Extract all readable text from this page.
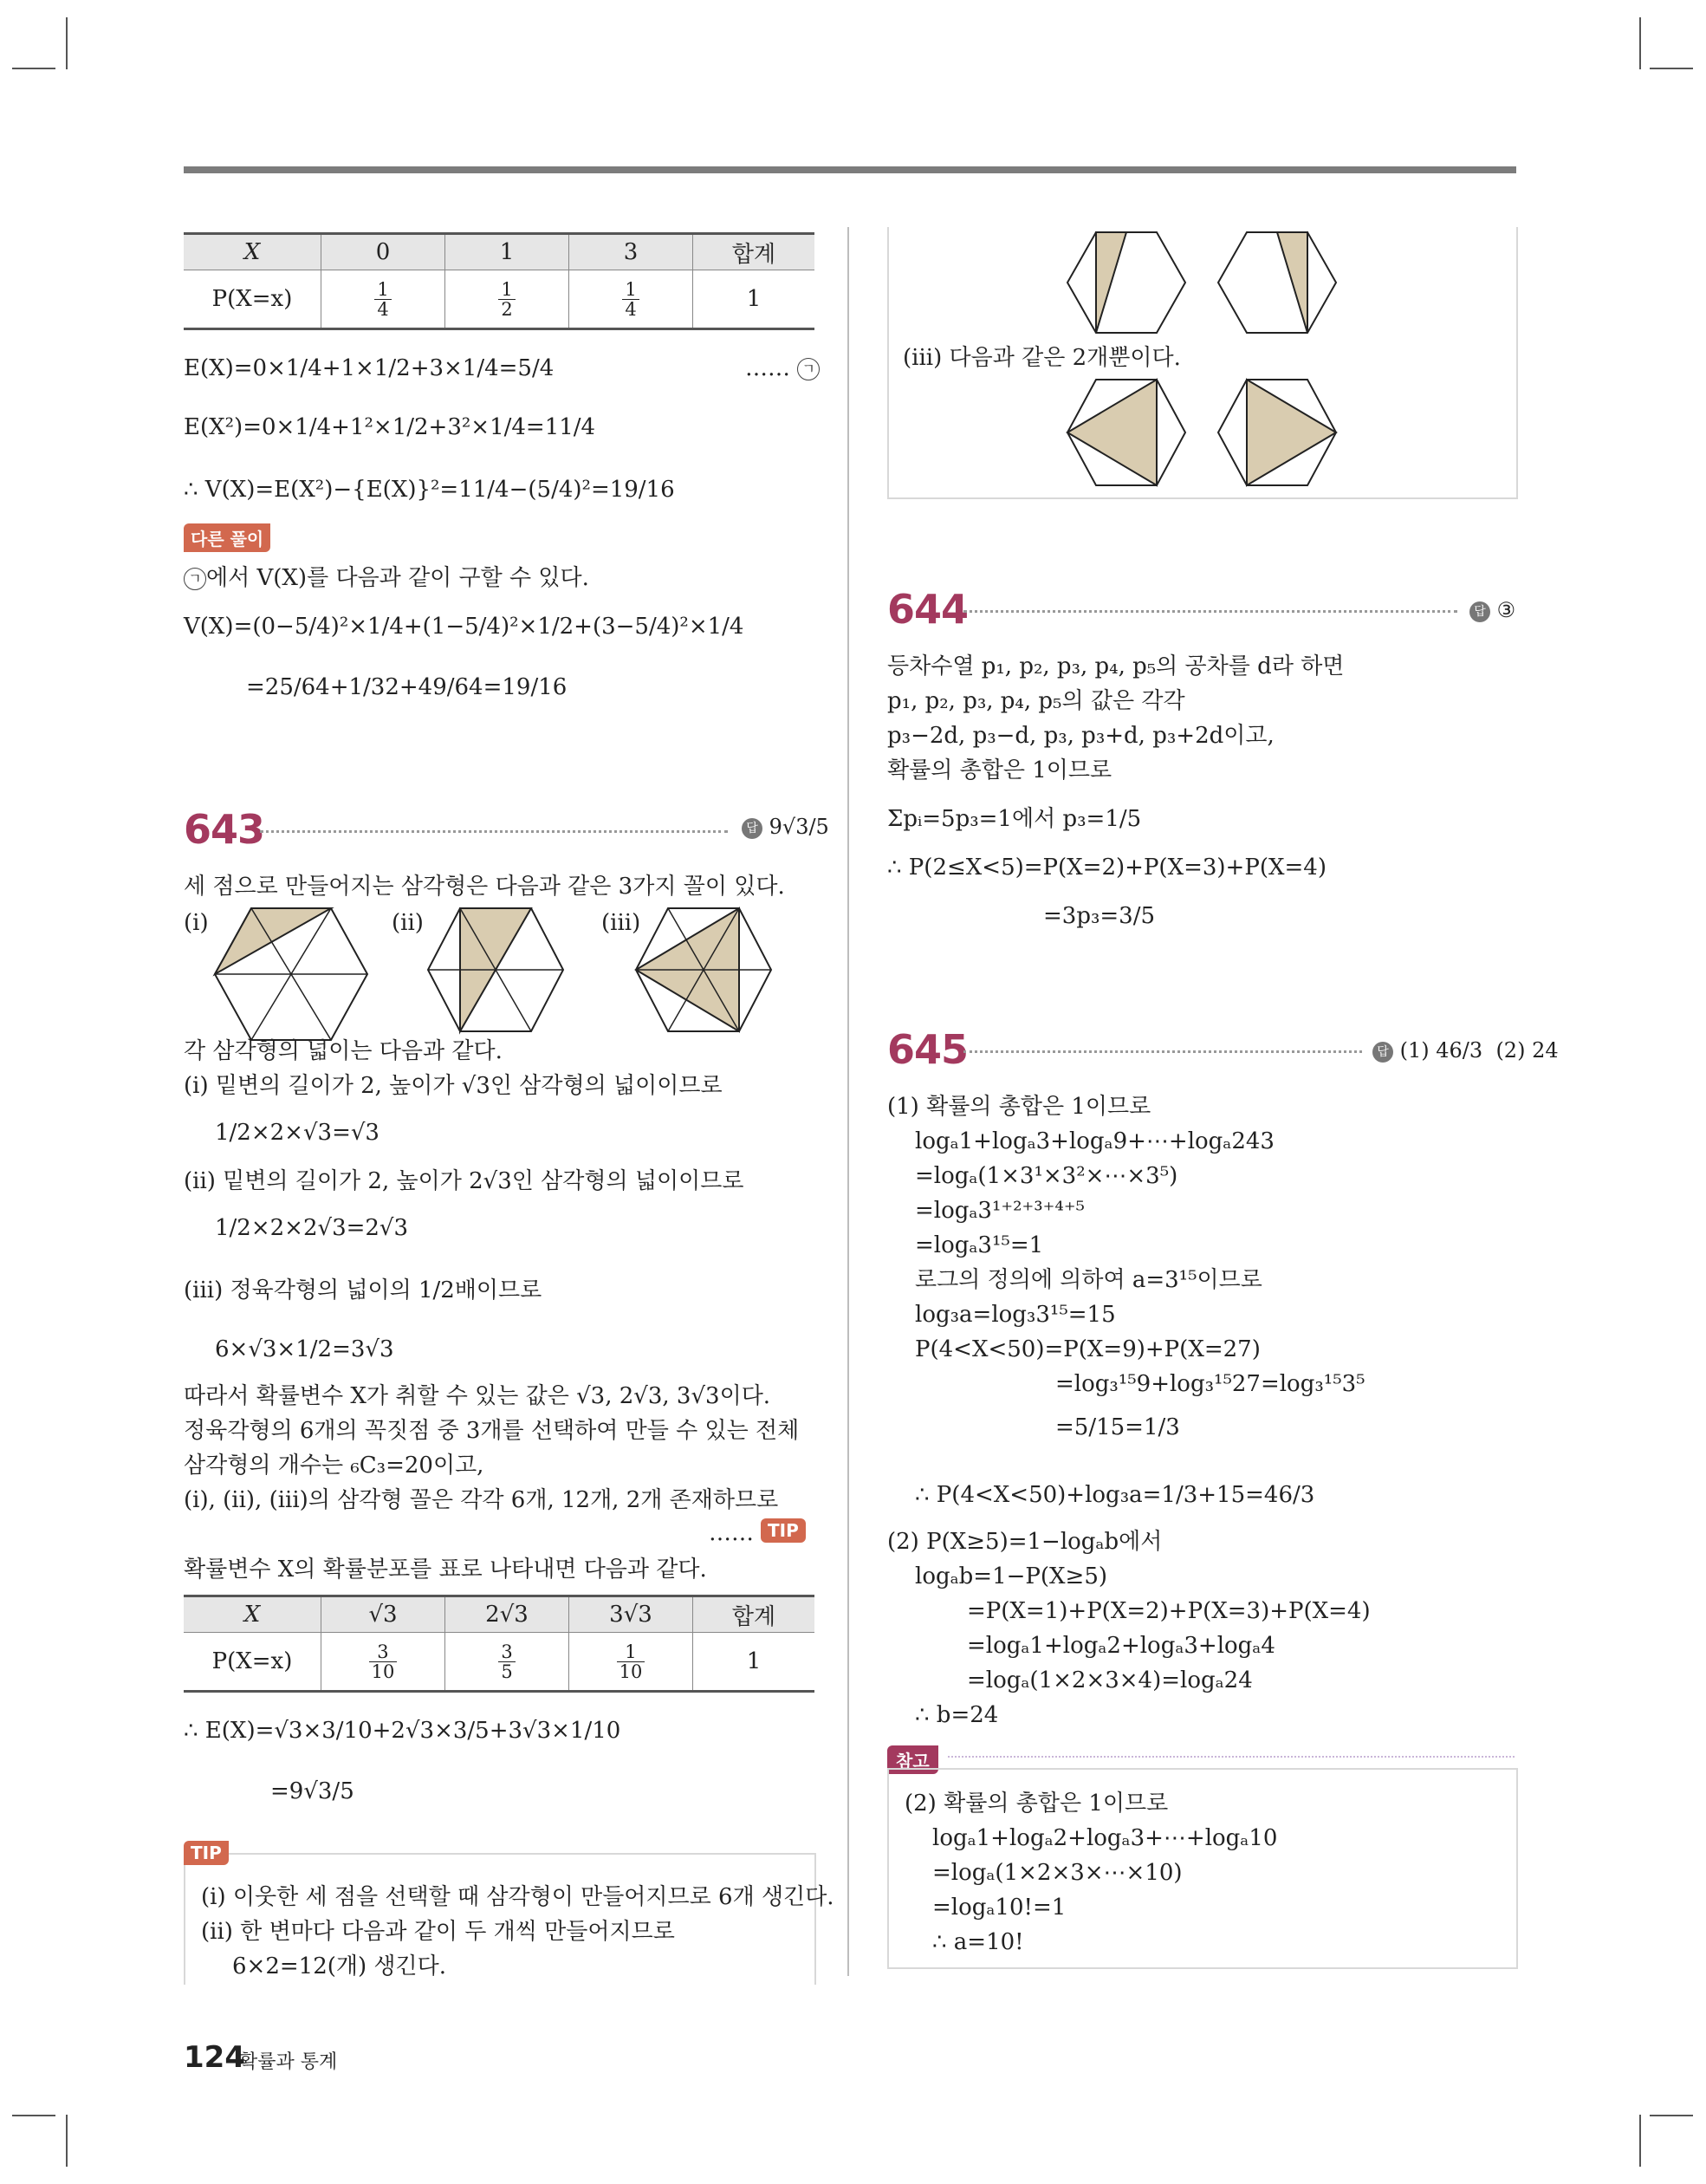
X	0	1	3	합계
P(X=x)	$\frac{1}{4}$	$\frac{1}{2}$	$\frac{1}{4}$	1
E(X)=0×1/4+1×1/2+3×1/4=5/4	…… ㄱ
E(X²)=0×1/4+1²×1/2+3²×1/4=11/4
∴ V(X)=E(X²)−{E(X)}²=11/4−(5/4)²=19/16
다른 풀이
ㄱ 에서 V(X)를 다음과 같이 구할 수 있다.
V(X)=(0−5/4)²×1/4+(1−5/4)²×1/2+(3−5/4)²×1/4
=25/64+1/32+49/64=19/16
643	답 9√3/5
세 점으로 만들어지는 삼각형은 다음과 같은 3가지 꼴이 있다.
(i)	(ii)	(iii)
각 삼각형의 넓이는 다음과 같다.
(i) 밑변의 길이가 2, 높이가 √3인 삼각형의 넓이이므로
1/2×2×√3=√3
(ii) 밑변의 길이가 2, 높이가 2√3인 삼각형의 넓이이므로
1/2×2×2√3=2√3
(iii) 정육각형의 넓이의 1/2배이므로
6×√3×1/2=3√3
따라서 확률변수 X가 취할 수 있는 값은 √3, 2√3, 3√3이다.
정육각형의 6개의 꼭짓점 중 3개를 선택하여 만들 수 있는 전체
삼각형의 개수는 ₆C₃=20이고,
(i), (ii), (iii)의 삼각형 꼴은 각각 6개, 12개, 2개 존재하므로
…… TIP
확률변수 X의 확률분포를 표로 나타내면 다음과 같다.
X	√3	2√3	3√3	합계
P(X=x)	$\frac{3}{10}$	$\frac{3}{5}$	$\frac{1}{10}$	1
∴ E(X)=√3×3/10+2√3×3/5+3√3×1/10
=9√3/5
TIP
(i) 이웃한 세 점을 선택할 때 삼각형이 만들어지므로 6개 생긴다.
(ii) 한 변마다 다음과 같이 두 개씩 만들어지므로
6×2=12(개) 생긴다.
(iii) 다음과 같은 2개뿐이다.
644	답 ③
등차수열 p₁, p₂, p₃, p₄, p₅의 공차를 d라 하면
p₁, p₂, p₃, p₄, p₅의 값은 각각
p₃−2d, p₃−d, p₃, p₃+d, p₃+2d이고,
확률의 총합은 1이므로
Σpᵢ=5p₃=1에서 p₃=1/5
∴ P(2≤X<5)=P(X=2)+P(X=3)+P(X=4)
=3p₃=3/5
645	답 (1) 46/3 (2) 24
(1) 확률의 총합은 1이므로
logₐ1+logₐ3+logₐ9+⋯+logₐ243
=logₐ(1×3¹×3²×⋯×3⁵)
=logₐ3¹⁺²⁺³⁺⁴⁺⁵
=logₐ3¹⁵=1
로그의 정의에 의하여 a=3¹⁵이므로
log₃a=log₃3¹⁵=15
P(4<X<50)=P(X=9)+P(X=27)
=log₃¹⁵9+log₃¹⁵27=log₃¹⁵3⁵
=5/15=1/3
∴ P(4<X<50)+log₃a=1/3+15=46/3
(2) P(X≥5)=1−logₐb에서
logₐb=1−P(X≥5)
=P(X=1)+P(X=2)+P(X=3)+P(X=4)
=logₐ1+logₐ2+logₐ3+logₐ4
=logₐ(1×2×3×4)=logₐ24
∴ b=24
참고
(2) 확률의 총합은 1이므로
logₐ1+logₐ2+logₐ3+⋯+logₐ10
=logₐ(1×2×3×⋯×10)
=logₐ10!=1
∴ a=10!
124
확률과 통계
